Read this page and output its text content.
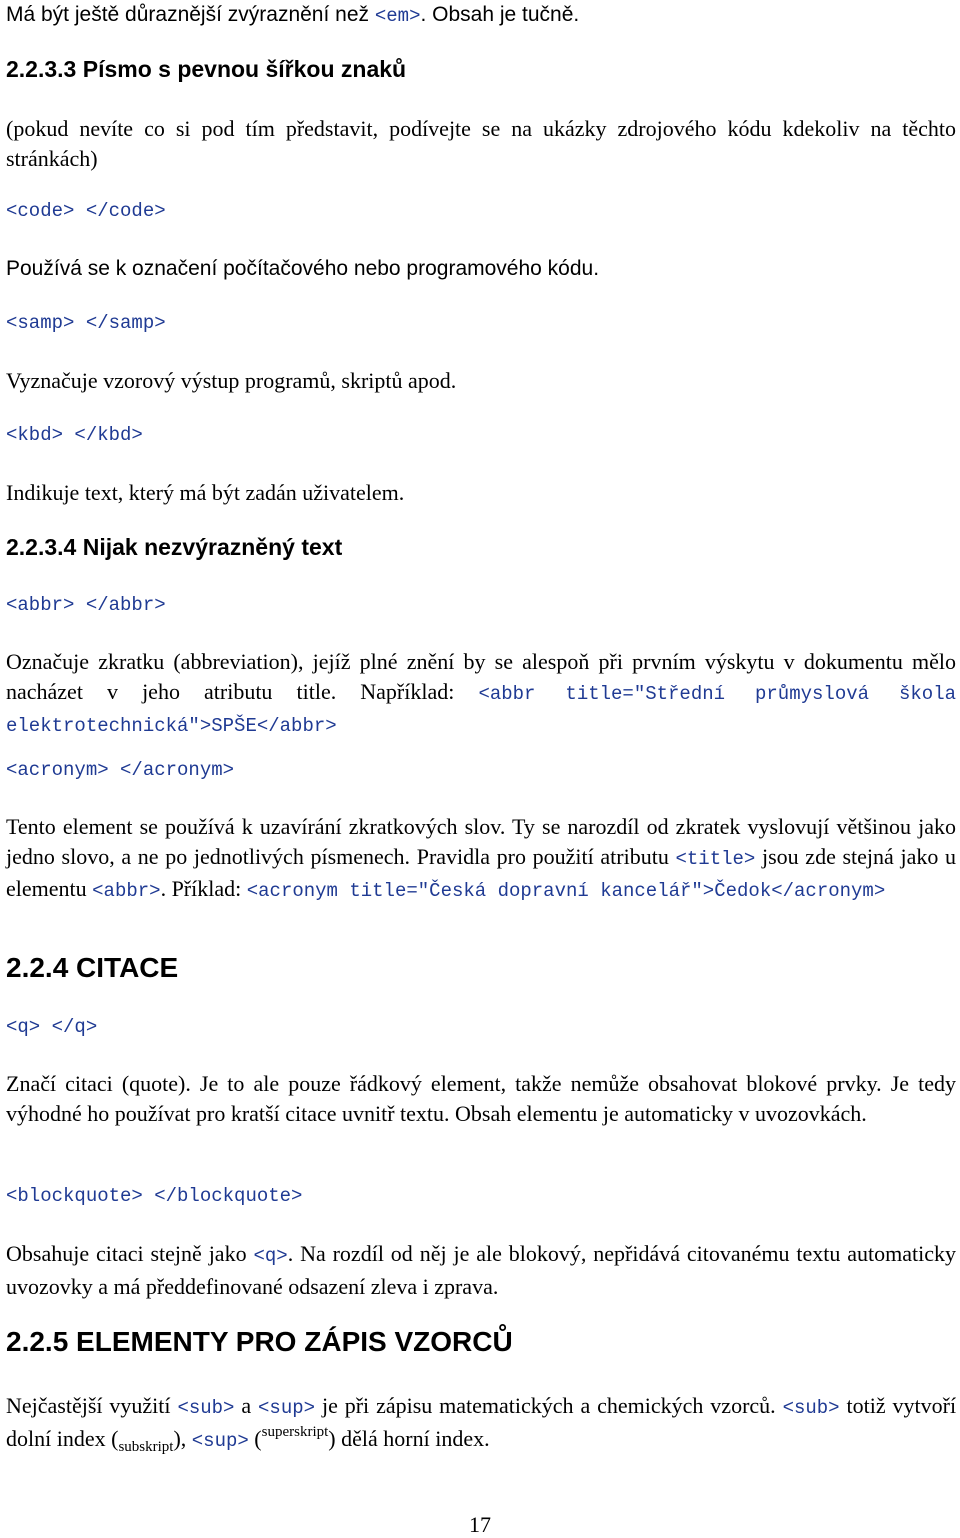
Má být ještě důraznější zvýraznění než <em>. Obsah je tučně.

2.2.3.3 Písmo s pevnou šířkou znaků

(pokud nevíte co si pod tím představit, podívejte se na ukázky zdrojového kódu kdekoliv na těchto stránkách)

<code> </code>
Používá se k označení počítačového nebo programového kódu.
<samp> </samp>
Vyznačuje vzorový výstup programů, skriptů apod.
<kbd> </kbd>
Indikuje text, který má být zadán uživatelem.
2.2.3.4 Nijak nezvýrazněný text
<abbr> </abbr>

Označuje zkratku (abbreviation), jejíž plné znění by se alespoň při prvním výskytu v dokumentu mělo nacházet v jeho atributu title. Například: <abbr title="Střední průmyslová škola elektrotechnická">SPŠE</abbr>

<acronym> </acronym>

Tento element se používá k uzavírání zkratkových slov. Ty se narozdíl od zkratek vyslovují většinou jako jedno slovo, a ne po jednotlivých písmenech. Pravidla pro použití atributu <title> jsou zde stejná jako u elementu <abbr>. Příklad: <acronym title="Česká dopravní kancelář">Čedok</acronym>

2.2.4 CITACE
<q> </q>

Značí citaci (quote). Je to ale pouze řádkový element, takže nemůže obsahovat blokové prvky. Je tedy výhodné ho používat pro kratší citace uvnitř textu. Obsah elementu je automaticky v uvozovkách.

<blockquote> </blockquote>

Obsahuje citaci stejně jako <q>. Na rozdíl od něj je ale blokový, nepřidává citovanému textu automaticky uvozovky a má předdefinované odsazení zleva i zprava.

2.2.5 ELEMENTY PRO ZÁPIS VZORCŮ

Nejčastější využití <sub> a <sup> je při zápisu matematických a chemických vzorců. <sub> totiž vytvoří dolní index $(_{subskript})$, <sup> ($^{superskript}$) dělá horní index.

17
